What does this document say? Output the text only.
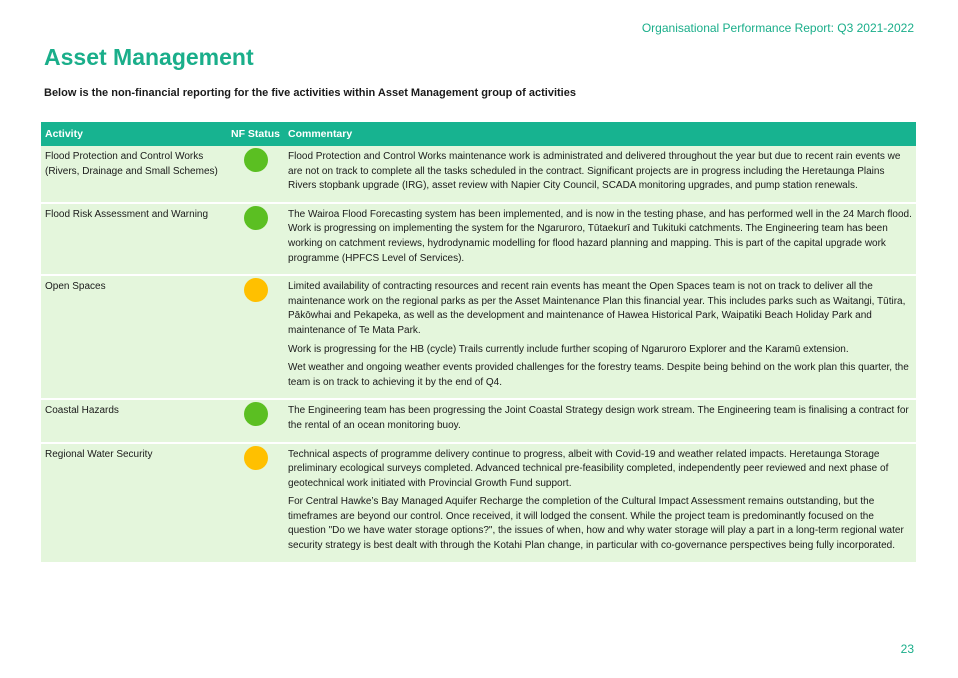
Organisational Performance Report: Q3 2021-2022
Asset Management
Below is the non-financial reporting for the five activities within Asset Management group of activities
Activity	NF Status	Commentary
Flood Protection and Control Works (Rivers, Drainage and Small Schemes)		Flood Protection and Control Works maintenance work is administrated and delivered throughout the year but due to recent rain events we are not on track to complete all the tasks scheduled in the contract. Significant projects are in progress including the Heretaunga Plains Rivers stopbank upgrade (IRG), asset review with Napier City Council, SCADA monitoring upgrades, and pump station renewals.

Flood Risk Assessment and Warning		The Wairoa Flood Forecasting system has been implemented, and is now in the testing phase, and has performed well in the 24 March flood. Work is progressing on implementing the system for the Ngaruroro, Tūtaekurī and Tukituki catchments. The Engineering team has been working on catchment reviews, hydrodynamic modelling for flood hazard planning and mapping. This is part of the capital upgrade work programme (HPFCS Level of Services).

Open Spaces		Limited availability of contracting resources and recent rain events has meant the Open Spaces team is not on track to deliver all the maintenance work on the regional parks as per the Asset Maintenance Plan this financial year. This includes parks such as Waitangi, Tūtira, Pākōwhai and Pekapeka, as well as the development and maintenance of Hawea Historical Park, Waipatiki Beach Holiday Park and maintenance of Te Mata Park.

Work is progressing for the HB (cycle) Trails currently include further scoping of Ngaruroro Explorer and the Karamū extension.

Wet weather and ongoing weather events provided challenges for the forestry teams. Despite being behind on the work plan this quarter, the team is on track to achieving it by the end of Q4.

Coastal Hazards		The Engineering team has been progressing the Joint Coastal Strategy design work stream. The Engineering team is finalising a contract for the rental of an ocean monitoring buoy.

Regional Water Security		Technical aspects of programme delivery continue to progress, albeit with Covid-19 and weather related impacts. Heretaunga Storage preliminary ecological surveys completed. Advanced technical pre-feasibility completed, independently peer reviewed and next phase of geotechnical work initiated with Provincial Growth Fund support.

For Central Hawke’s Bay Managed Aquifer Recharge the completion of the Cultural Impact Assessment remains outstanding, but the timeframes are beyond our control. Once received, it will lodged the consent. While the project team is predominantly focused on the question "Do we have water storage options?", the issues of when, how and why water storage will play a part in a long-term regional water security strategy is best dealt with through the Kotahi Plan change, in particular with co-governance perspectives being fully incorporated.

23
